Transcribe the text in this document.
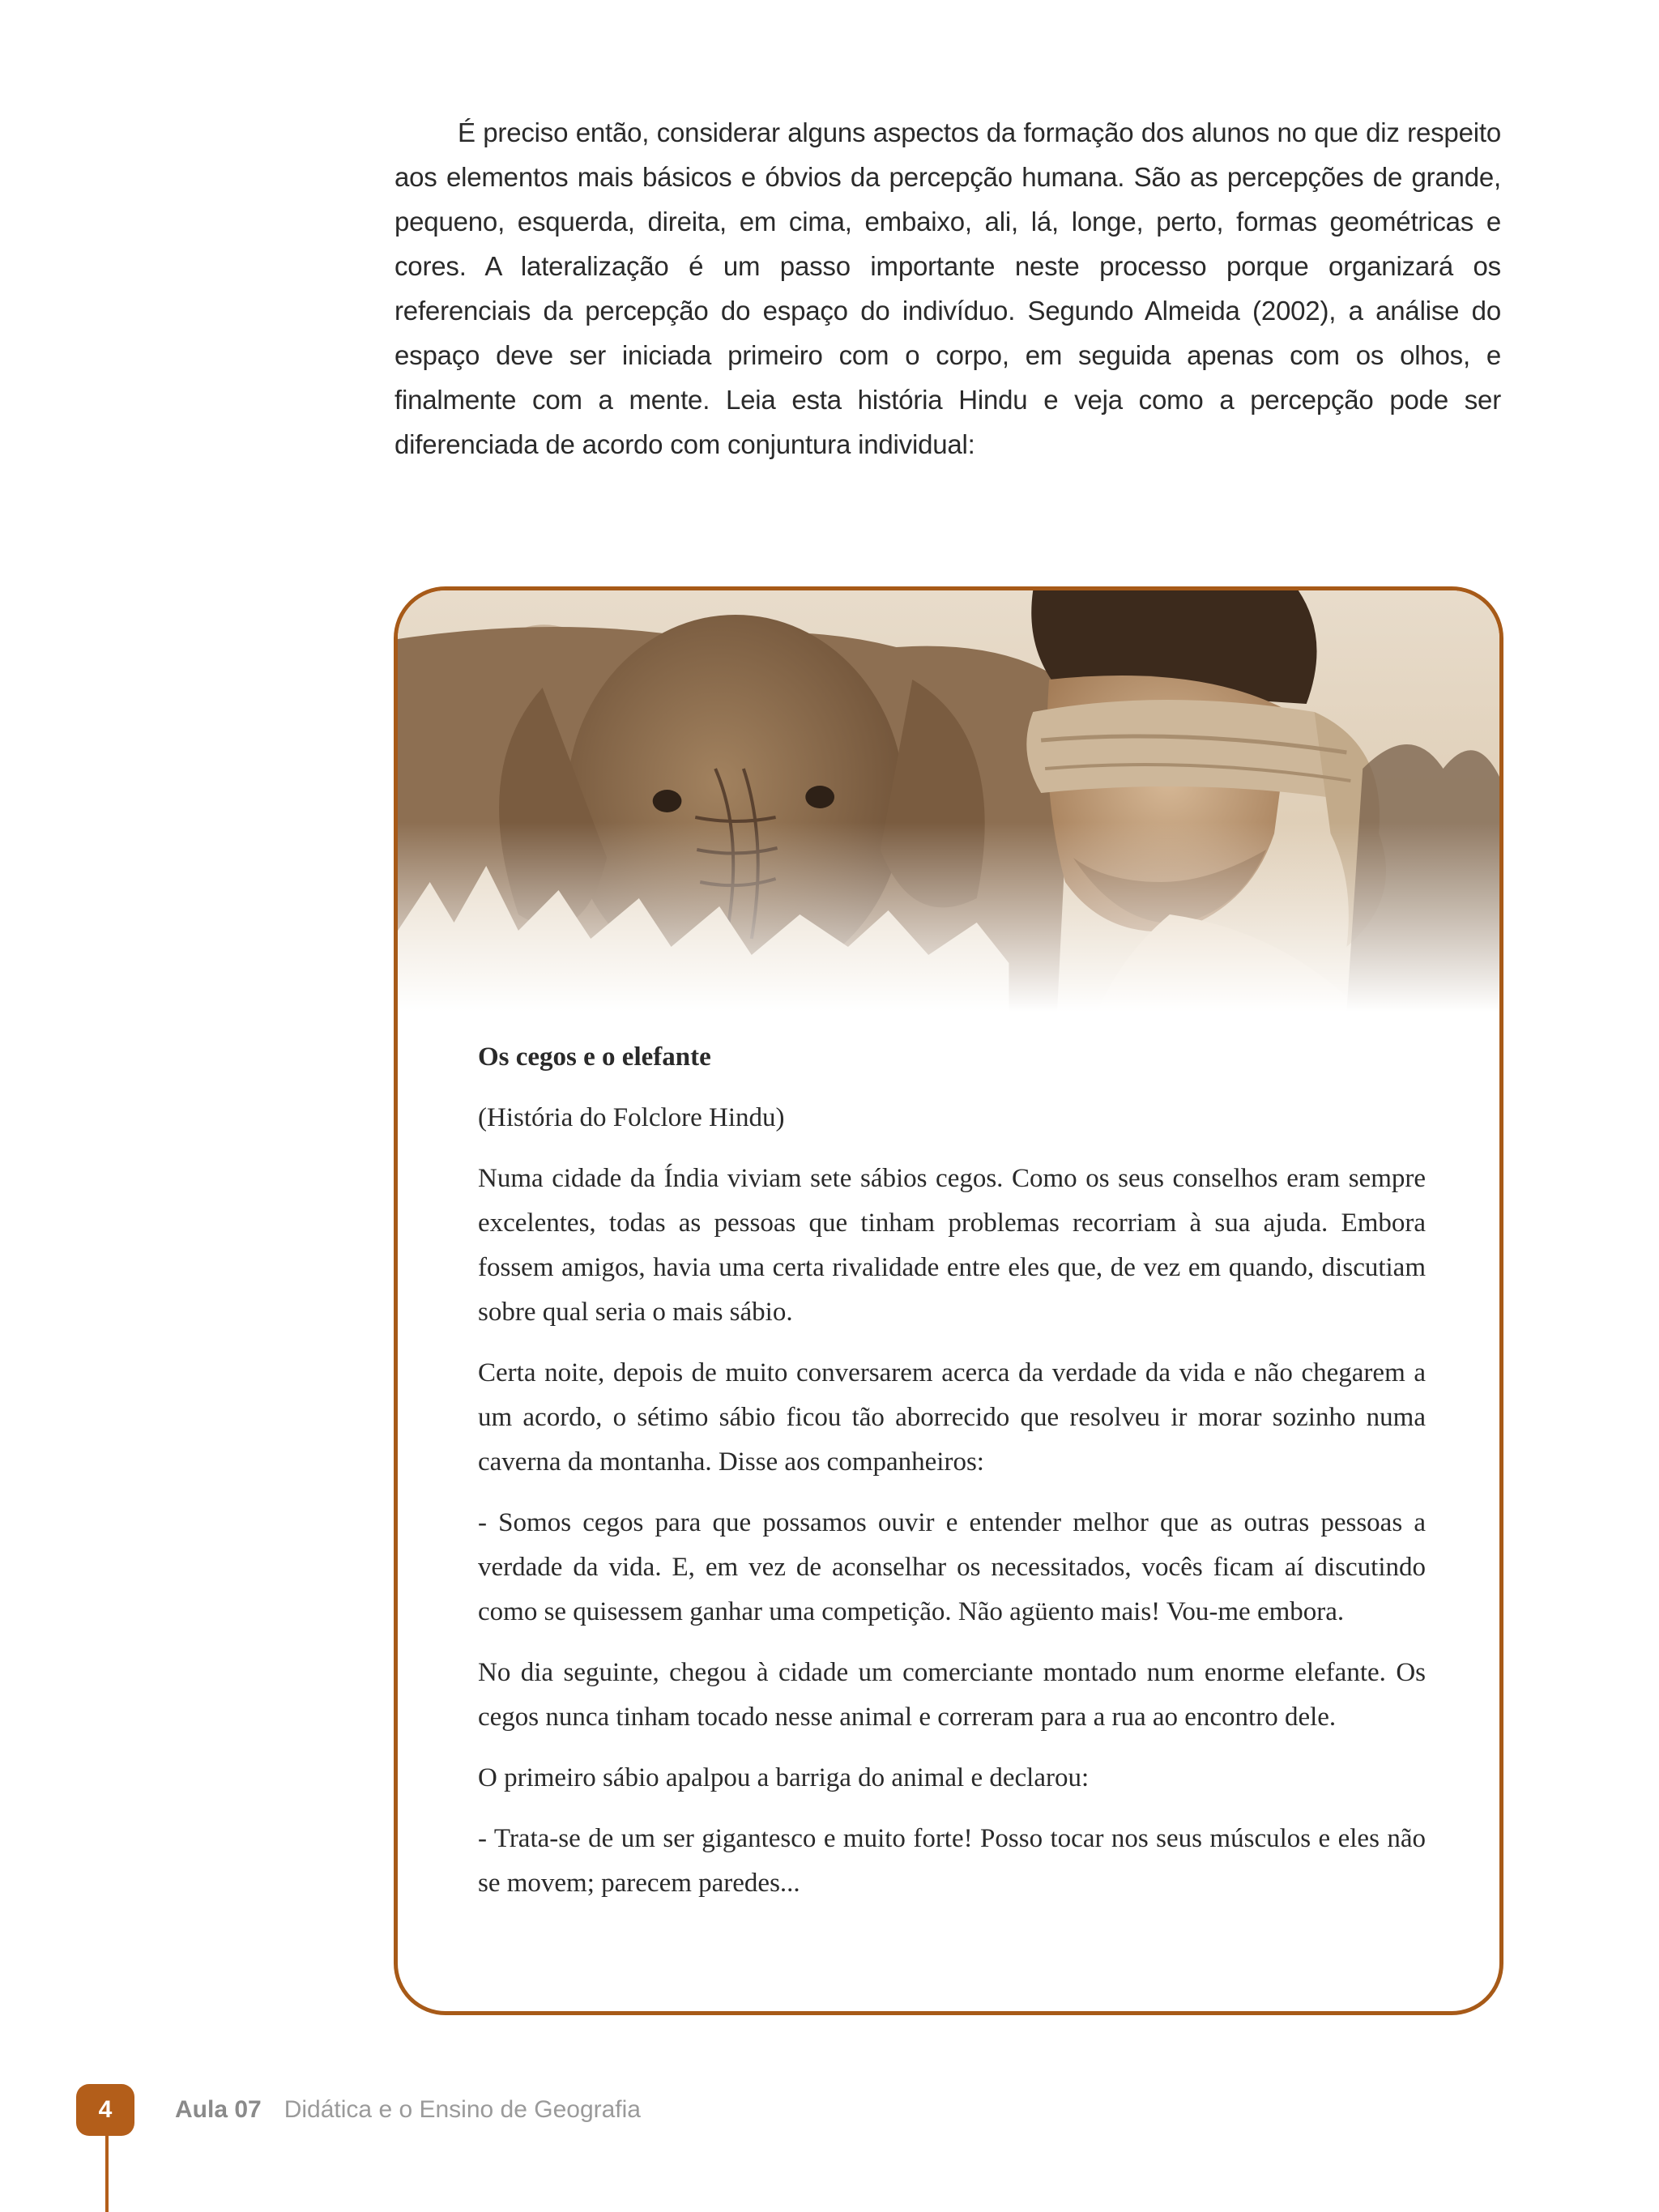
É preciso então, considerar alguns aspectos da formação dos alunos no que diz respeito aos elementos mais básicos e óbvios da percepção humana. São as percepções de grande, pequeno, esquerda, direita, em cima, embaixo, ali, lá, longe, perto, formas geométricas e cores. A lateralização é um passo importante neste processo porque organizará os referenciais da percepção do espaço do indivíduo. Segundo Almeida (2002), a análise do espaço deve ser iniciada primeiro com o corpo, em seguida apenas com os olhos, e finalmente com a mente. Leia esta história Hindu e veja como a percepção pode ser diferenciada de acordo com conjuntura individual:

Os cegos e o elefante

(História do Folclore Hindu)

Numa cidade da Índia viviam sete sábios cegos. Como os seus conselhos eram sempre excelentes, todas as pessoas que tinham problemas recorriam à sua ajuda. Embora fossem amigos, havia uma certa rivalidade entre eles que, de vez em quando, discutiam sobre qual seria o mais sábio.

Certa noite, depois de muito conversarem acerca da verdade da vida e não chegarem a um acordo, o sétimo sábio ficou tão aborrecido que resolveu ir morar sozinho numa caverna da montanha. Disse aos companheiros:

- Somos cegos para que possamos ouvir e entender melhor que as outras pessoas a verdade da vida. E, em vez de aconselhar os necessitados, vocês ficam aí discutindo como se quisessem ganhar uma competição. Não agüento mais! Vou-me embora.

No dia seguinte, chegou à cidade um comerciante montado num enorme elefante. Os cegos nunca tinham tocado nesse animal e correram para a rua ao encontro dele.

O primeiro sábio apalpou a barriga do animal e declarou:

- Trata-se de um ser gigantesco e muito forte! Posso tocar nos seus músculos e eles não se movem; parecem paredes...

4	Aula 07 Didática e o Ensino de Geografia
